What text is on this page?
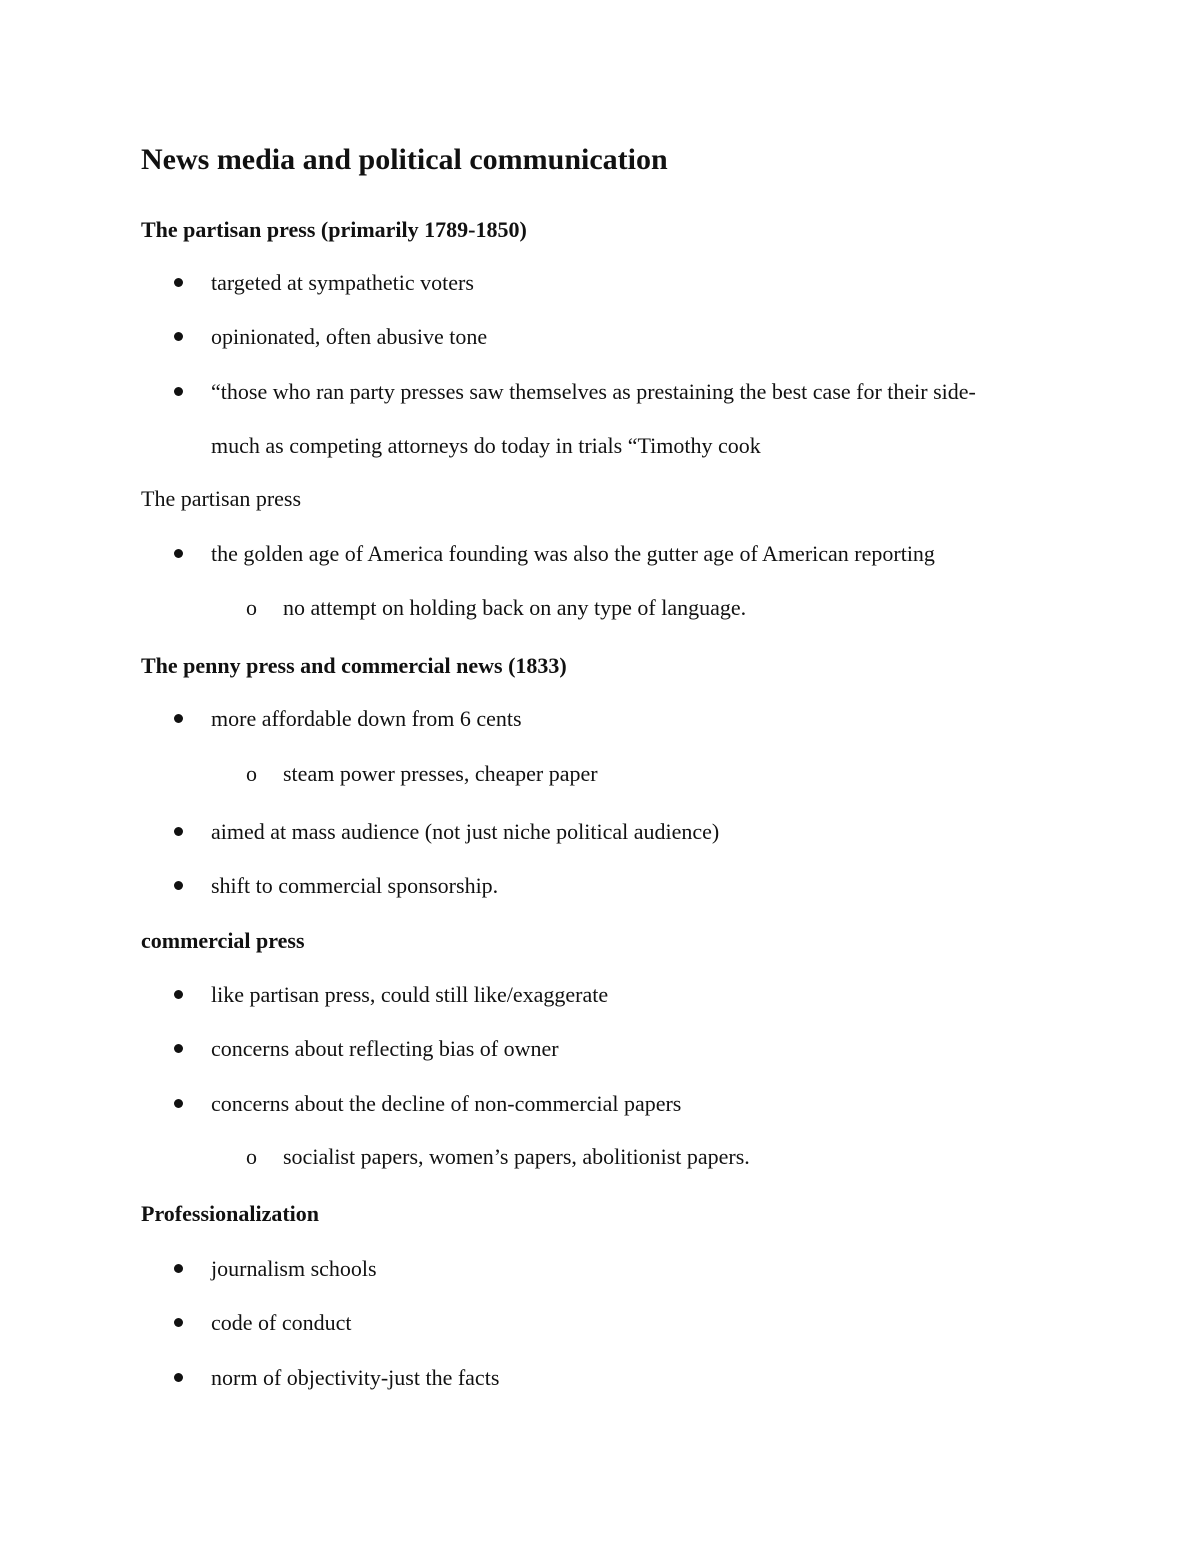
News media and political communication
The partisan press (primarily 1789-1850)
targeted at sympathetic voters
opinionated, often abusive tone
“those who ran party presses saw themselves as prestaining the best case for their side-
much as competing attorneys do today in trials “Timothy cook
The partisan press
the golden age of America founding was also the gutter age of American reporting
o no attempt on holding back on any type of language.
The penny press and commercial news (1833)
more affordable down from 6 cents
o steam power presses, cheaper paper
aimed at mass audience (not just niche political audience)
shift to commercial sponsorship.
commercial press
like partisan press, could still like/exaggerate
concerns about reflecting bias of owner
concerns about the decline of non-commercial papers
o socialist papers, women’s papers, abolitionist papers.
Professionalization
journalism schools
code of conduct
norm of objectivity-just the facts
